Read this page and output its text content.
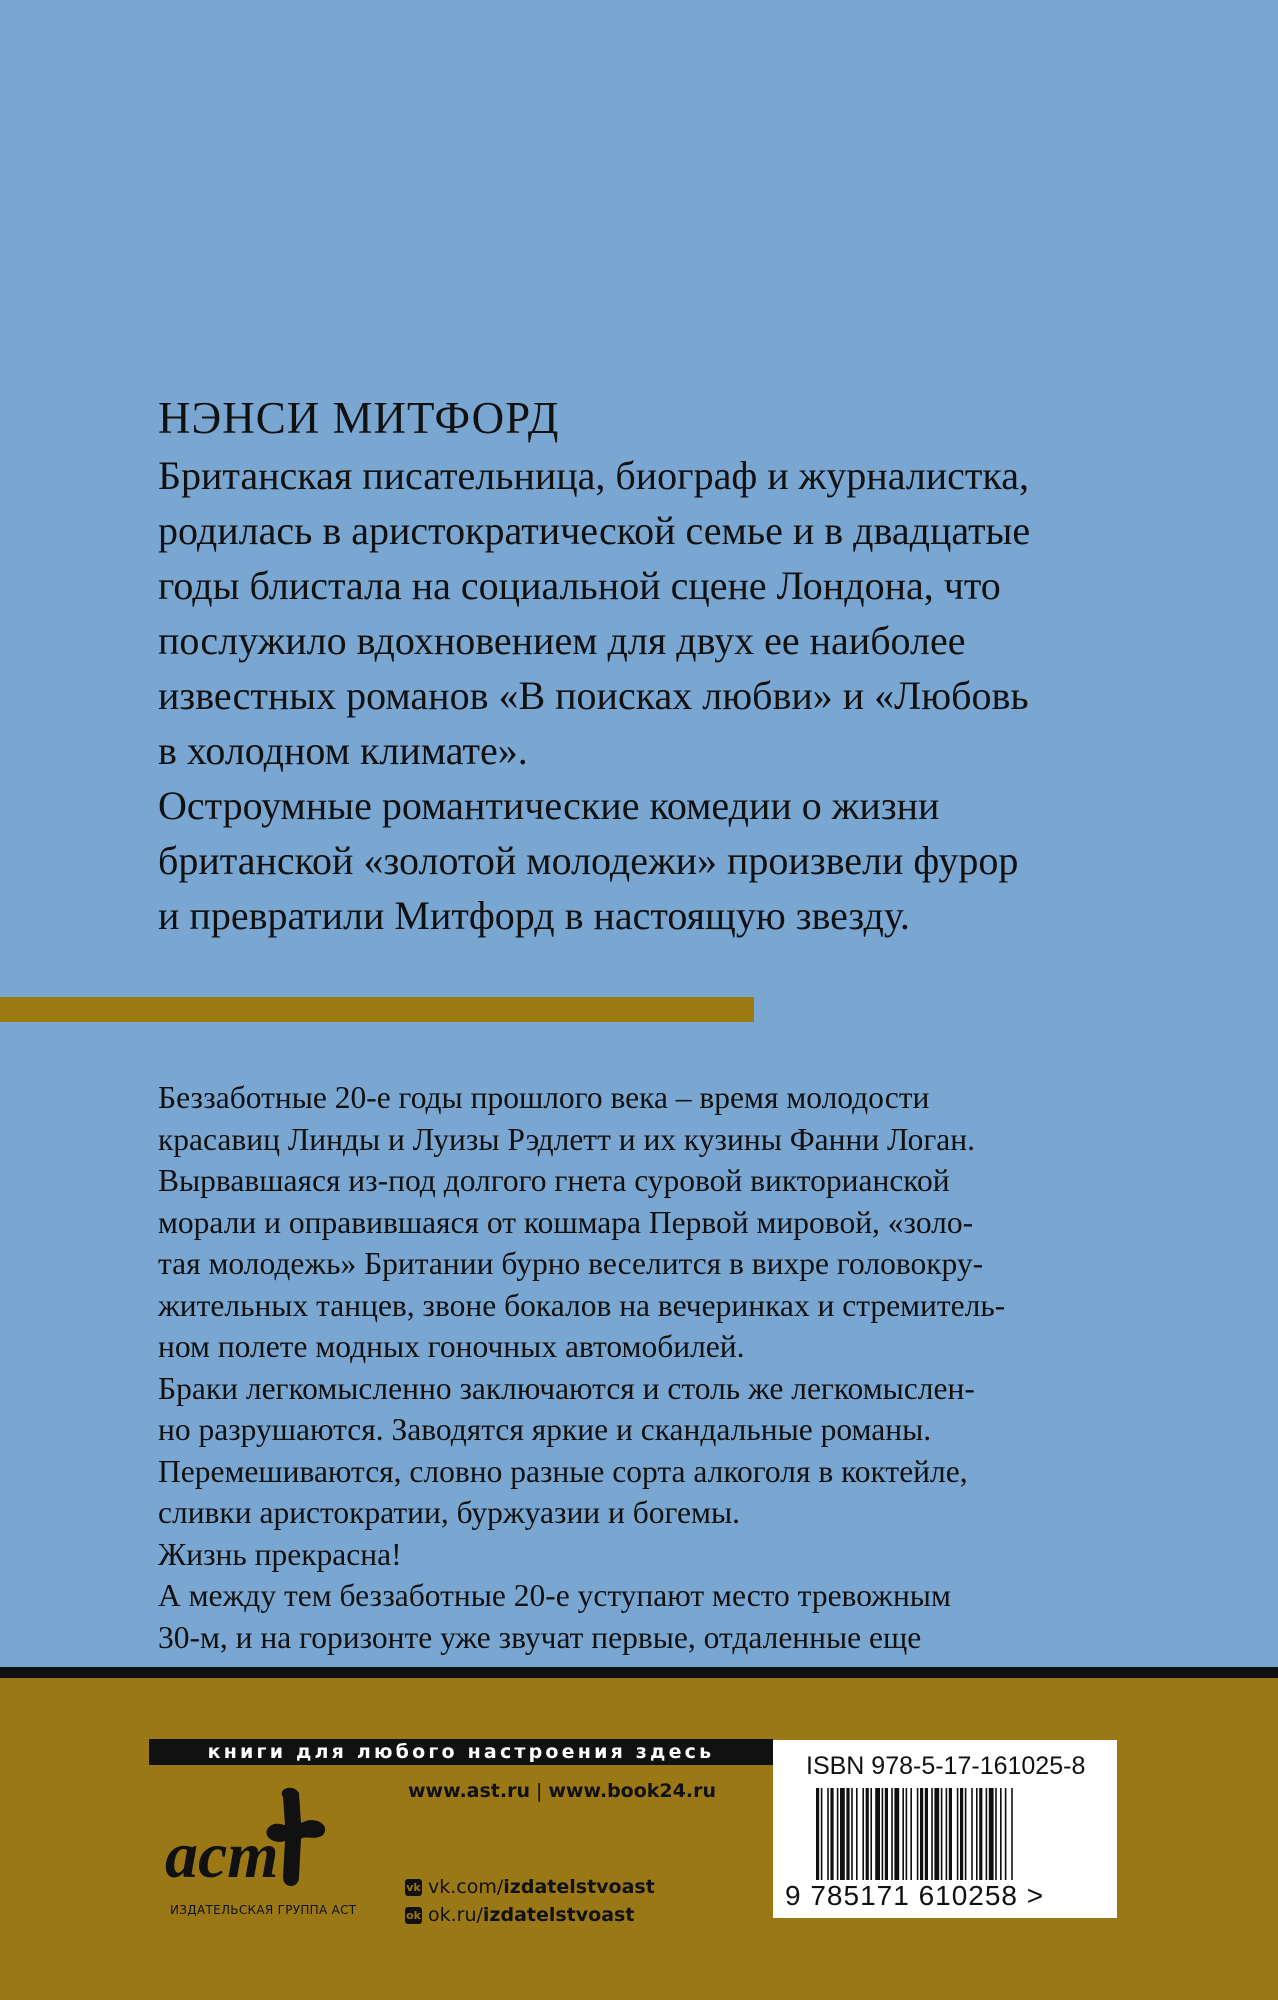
НЭНСИ МИТФОРД

Британская писательница, биограф и журналистка,
родилась в аристократической семье и в двадцатые
годы блистала на социальной сцене Лондона, что
послужило вдохновением для двух ее наиболее
известных романов «В поисках любви» и «Любовь
в холодном климате».

Остроумные романтические комедии о жизни
британской «золотой молодежи» произвели фурор
и превратили Митфорд в настоящую звезду.

Беззаботные 20-е годы прошлого века – время молодости
красавиц Линды и Луизы Рэдлетт и их кузины Фанни Логан.
Вырвавшаяся из-под долгого гнета суровой викторианской
морали и оправившаяся от кошмара Первой мировой, «золо-
тая молодежь» Британии бурно веселится в вихре головокру-
жительных танцев, звоне бокалов на вечеринках и стремитель-
ном полете модных гоночных автомобилей.

Браки легкомысленно заключаются и столь же легкомыслен-
но разрушаются. Заводятся яркие и скандальные романы.
Перемешиваются, словно разные сорта алкоголя в коктейле,
сливки аристократии, буржуазии и богемы.

Жизнь прекрасна!

А между тем беззаботные 20-е уступают место тревожным
30-м, и на горизонте уже звучат первые, отдаленные еще

книги для любого настроения здесь
аст
ИЗДАТЕЛЬСКАЯ ГРУППА АСТ
www.ast.ru | www.book24.ru
vk vk.com/ izdatelstvoast
ok ok.ru/ izdatelstvoast
ISBN 978-5-17-161025-8
9 785171 610258 >
